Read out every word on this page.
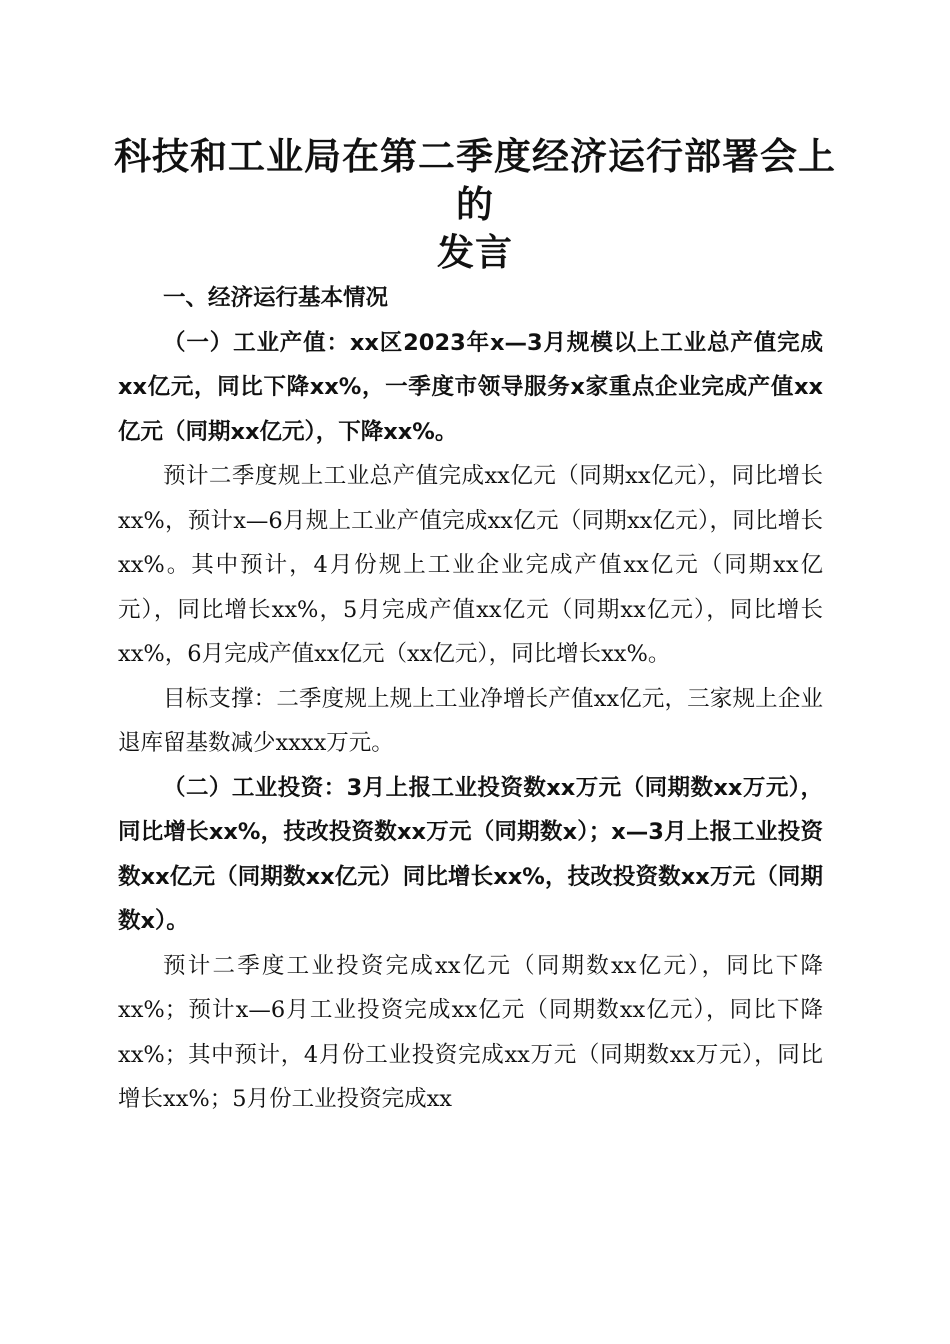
科技和工业局在第二季度经济运行部署会上的
发言

一、经济运行基本情况

（一）工业产值：xx区2023年x—3月规模以上工业总产值完成xx亿元，同比下降xx%，一季度市领导服务x家重点企业完成产值xx亿元（同期xx亿元），下降xx%。

预计二季度规上工业总产值完成xx亿元（同期xx亿元），同比增长xx%，预计x—6月规上工业产值完成xx亿元（同期xx亿元），同比增长xx%。其中预计，4月份规上工业企业完成产值xx亿元（同期xx亿元），同比增长xx%，5月完成产值xx亿元（同期xx亿元），同比增长xx%，6月完成产值xx亿元（xx亿元），同比增长xx%。

目标支撑：二季度规上规上工业净增长产值xx亿元，三家规上企业退库留基数减少xxxx万元。

（二）工业投资：3月上报工业投资数xx万元（同期数xx万元），同比增长xx%，技改投资数xx万元（同期数x）；x—3月上报工业投资数xx亿元（同期数xx亿元）同比增长xx%，技改投资数xx万元（同期数x）。

预计二季度工业投资完成xx亿元（同期数xx亿元），同比下降xx%；预计x—6月工业投资完成xx亿元（同期数xx亿元），同比下降xx%；其中预计，4月份工业投资完成xx万元（同期数xx万元），同比增长xx%；5月份工业投资完成xx
